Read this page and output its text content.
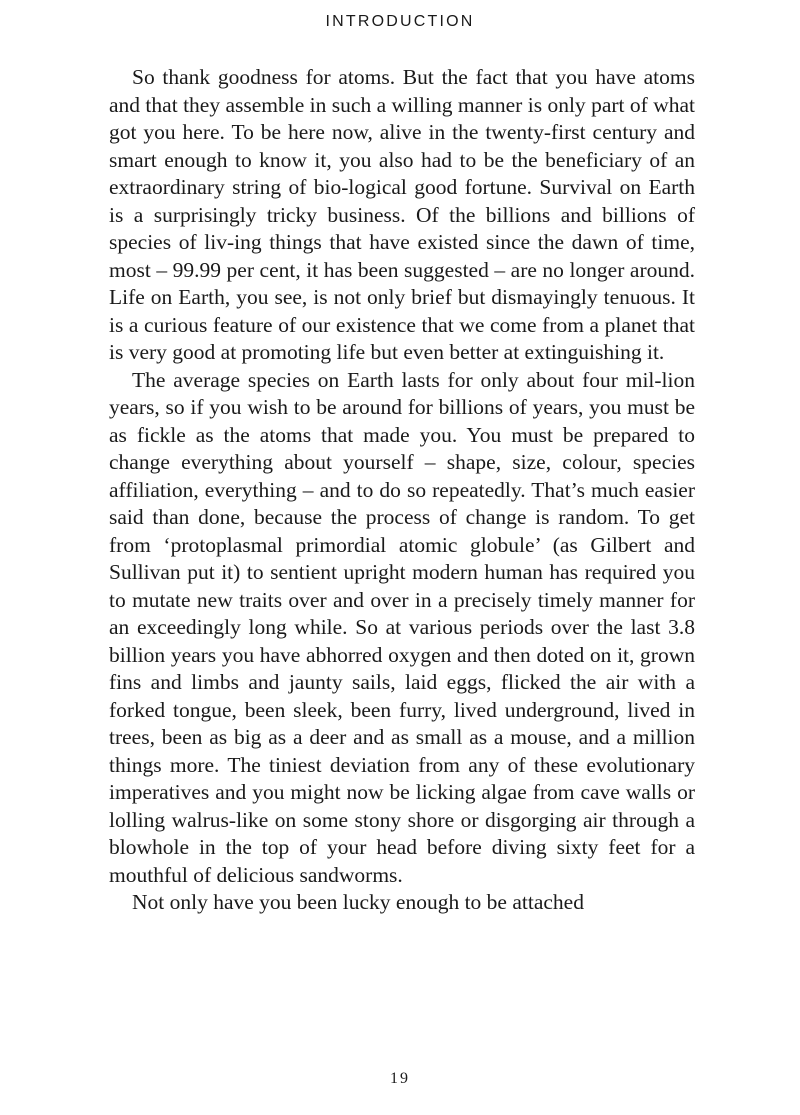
INTRODUCTION

So thank goodness for atoms. But the fact that you have atoms and that they assemble in such a willing manner is only part of what got you here. To be here now, alive in the twenty-first century and smart enough to know it, you also had to be the beneficiary of an extraordinary string of bio-logical good fortune. Survival on Earth is a surprisingly tricky business. Of the billions and billions of species of liv-ing things that have existed since the dawn of time, most – 99.99 per cent, it has been suggested – are no longer around. Life on Earth, you see, is not only brief but dismayingly tenuous. It is a curious feature of our existence that we come from a planet that is very good at promoting life but even better at extinguishing it.

The average species on Earth lasts for only about four mil-lion years, so if you wish to be around for billions of years, you must be as fickle as the atoms that made you. You must be prepared to change everything about yourself – shape, size, colour, species affiliation, everything – and to do so repeatedly. That’s much easier said than done, because the process of change is random. To get from ‘protoplasmal primordial atomic globule’ (as Gilbert and Sullivan put it) to sentient upright modern human has required you to mutate new traits over and over in a precisely timely manner for an exceedingly long while. So at various periods over the last 3.8 billion years you have abhorred oxygen and then doted on it, grown fins and limbs and jaunty sails, laid eggs, flicked the air with a forked tongue, been sleek, been furry, lived underground, lived in trees, been as big as a deer and as small as a mouse, and a million things more. The tiniest deviation from any of these evolutionary imperatives and you might now be licking algae from cave walls or lolling walrus-like on some stony shore or disgorging air through a blowhole in the top of your head before diving sixty feet for a mouthful of delicious sandworms.

Not only have you been lucky enough to be attached

19
